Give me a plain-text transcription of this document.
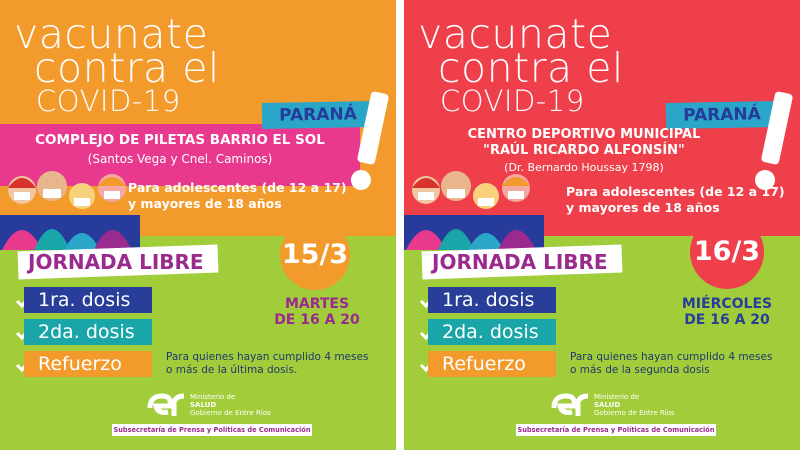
vacunate
contra el
COVID-19	PARANÁ
COMPLEJO DE PILETAS BARRIO EL SOL
(Santos Vega y Cnel. Caminos)
Para adolescentes (de 12 a 17)
y mayores de 18 años
JORNADA LIBRE	15/3
1ra. dosis
2da. dosis
Refuerzo
MARTES
DE 16 A 20
Para quienes hayan cumplido 4 meses
o más de la última dosis.
Ministerio de
SALUD
Gobierno de Entre Ríos
Subsecretaría de Prensa y Políticas de Comunicación
vacunate
contra el
COVID-19	PARANÁ
CENTRO DEPORTIVO MUNICIPAL
"RAÚL RICARDO ALFONSÍN"
(Dr. Bernardo Houssay 1798)
Para adolescentes (de 12 a 17)
y mayores de 18 años
JORNADA LIBRE	16/3
1ra. dosis
2da. dosis
Refuerzo
MIÉRCOLES
DE 16 A 20
Para quienes hayan cumplido 4 meses
o más de la segunda dosis
Ministerio de
SALUD
Gobierno de Entre Ríos
Subsecretaría de Prensa y Políticas de Comunicación
